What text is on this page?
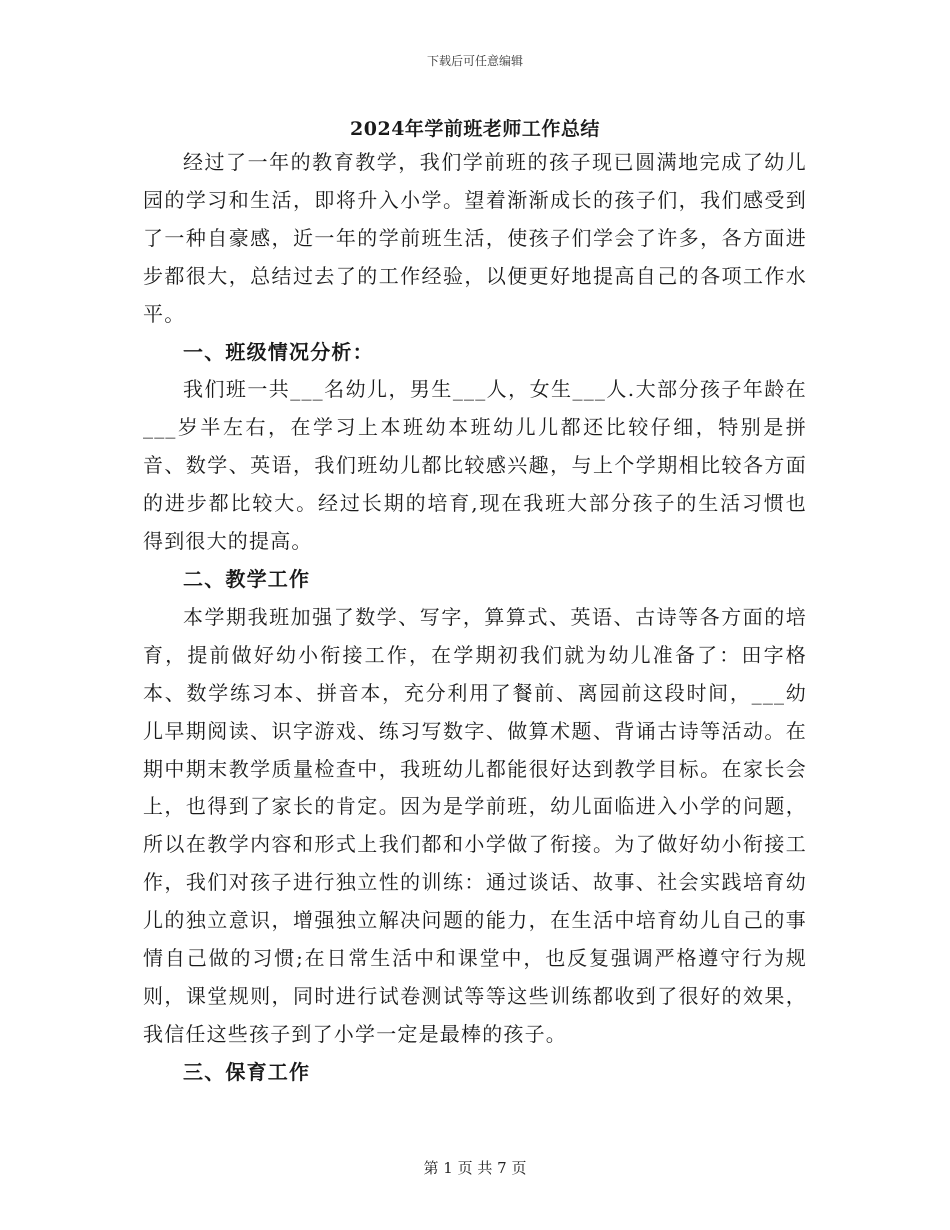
下载后可任意编辑
2024年学前班老师工作总结

经过了一年的教育教学，我们学前班的孩子现已圆满地完成了幼儿园的学习和生活，即将升入小学。望着渐渐成长的孩子们，我们感受到了一种自豪感，近一年的学前班生活，使孩子们学会了许多，各方面进步都很大，总结过去了的工作经验，以便更好地提高自己的各项工作水平。

一、班级情况分析：

我们班一共___名幼儿，男生___人，女生___人.大部分孩子年龄在___岁半左右，在学习上本班幼本班幼儿儿都还比较仔细，特别是拼音、数学、英语，我们班幼儿都比较感兴趣，与上个学期相比较各方面的进步都比较大。经过长期的培育,现在我班大部分孩子的生活习惯也得到很大的提高。

二、教学工作

本学期我班加强了数学、写字，算算式、英语、古诗等各方面的培育，提前做好幼小衔接工作，在学期初我们就为幼儿准备了：田字格本、数学练习本、拼音本，充分利用了餐前、离园前这段时间，___幼儿早期阅读、识字游戏、练习写数字、做算术题、背诵古诗等活动。在期中期末教学质量检查中，我班幼儿都能很好达到教学目标。在家长会上，也得到了家长的肯定。因为是学前班，幼儿面临进入小学的问题，所以在教学内容和形式上我们都和小学做了衔接。为了做好幼小衔接工作，我们对孩子进行独立性的训练：通过谈话、故事、社会实践培育幼儿的独立意识，增强独立解决问题的能力，在生活中培育幼儿自己的事情自己做的习惯;在日常生活中和课堂中，也反复强调严格遵守行为规则，课堂规则，同时进行试卷测试等等这些训练都收到了很好的效果，我信任这些孩子到了小学一定是最棒的孩子。

三、保育工作

第 1 页 共 7 页
